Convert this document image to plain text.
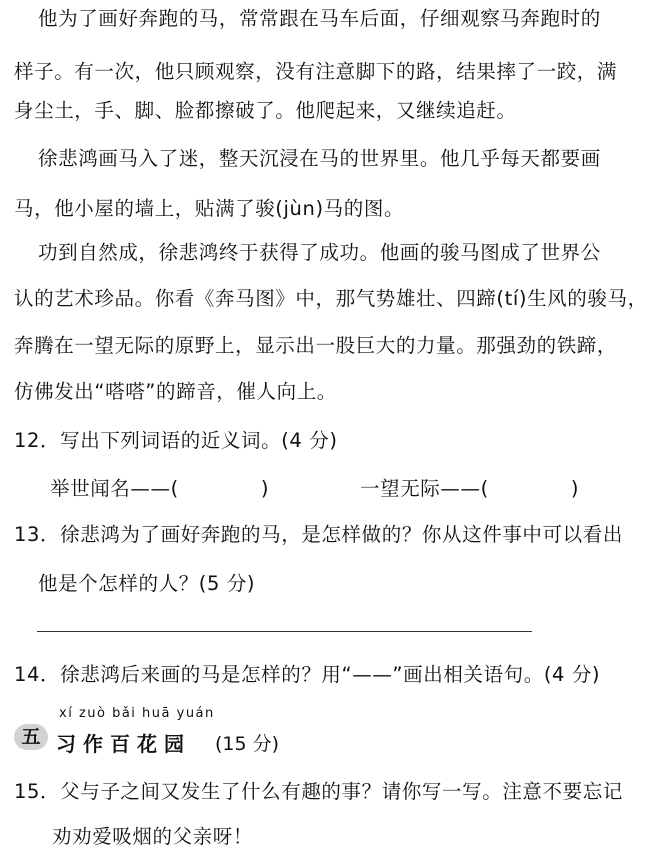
他为了画好奔跑的马，常常跟在马车后面，仔细观察马奔跑时的
样子。有一次，他只顾观察，没有注意脚下的路，结果摔了一跤，满
身尘土，手、脚、脸都擦破了。他爬起来，又继续追赶。
徐悲鸿画马入了迷，整天沉浸在马的世界里。他几乎每天都要画
马，他小屋的墙上，贴满了骏(jùn)马的图。
功到自然成，徐悲鸿终于获得了成功。他画的骏马图成了世界公
认的艺术珍品。你看《奔马图》中，那气势雄壮、四蹄(tí)生风的骏马，
奔腾在一望无际的原野上，显示出一股巨大的力量。那强劲的铁蹄，
仿佛发出“嗒嗒”的蹄音，催人向上。
12．写出下列词语的近义词。(4 分)
举世闻名——(	)	一望无际——(	)
13．徐悲鸿为了画好奔跑的马，是怎样做的？你从这件事中可以看出
他是个怎样的人？(5 分)
14．徐悲鸿后来画的马是怎样的？用“——”画出相关语句。(4 分)
五
xí zuò bǎi huā yuán
习作百花园 (15 分)
15．父与子之间又发生了什么有趣的事？请你写一写。注意不要忘记
劝劝爱吸烟的父亲呀！
